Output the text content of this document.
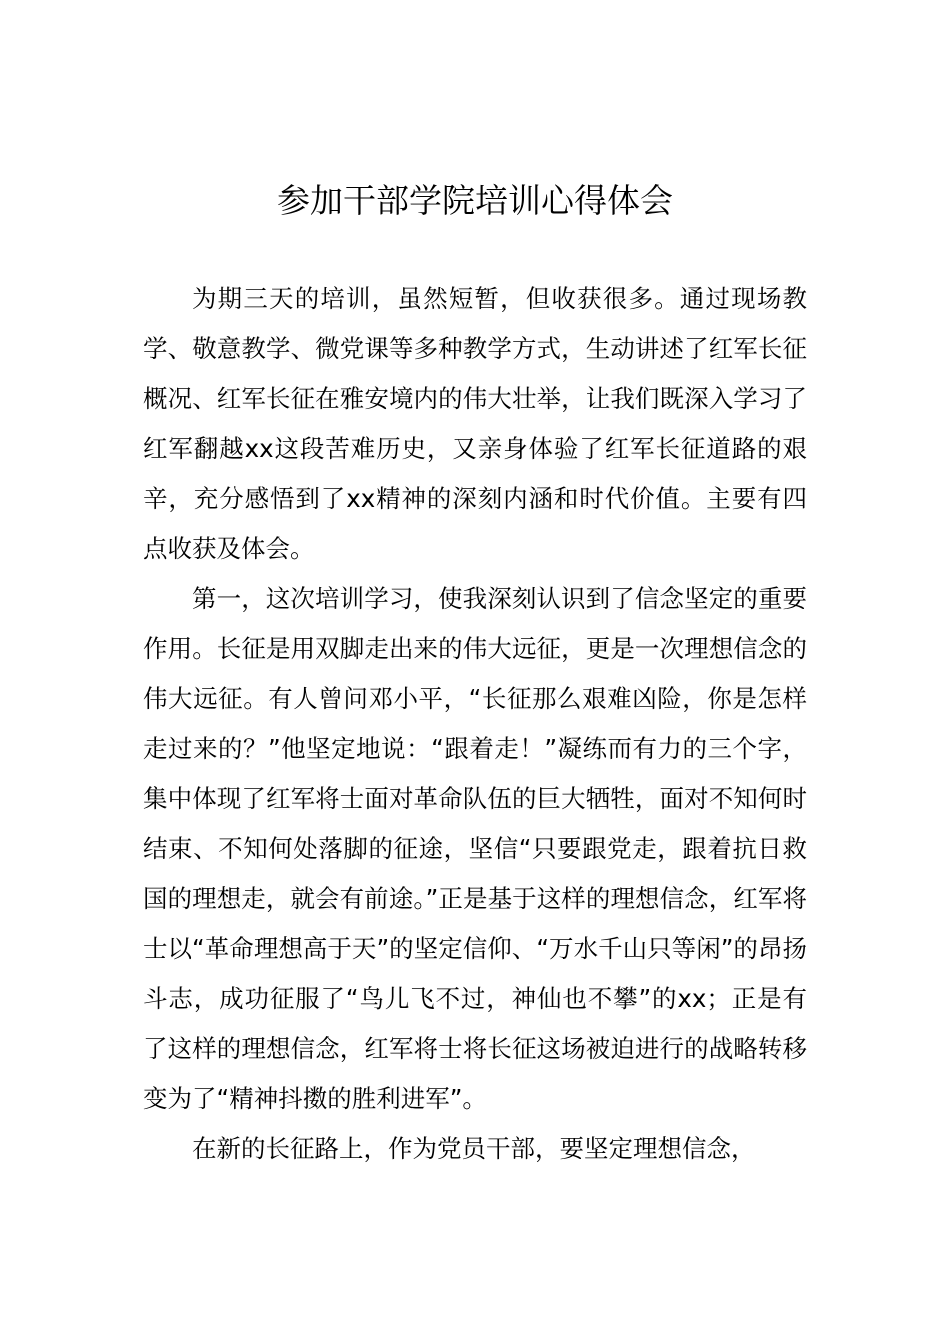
参加干部学院培训心得体会

为期三天的培训，虽然短暂，但收获很多。通过现场教学、敬意教学、微党课等多种教学方式，生动讲述了红军长征概况、红军长征在雅安境内的伟大壮举，让我们既深入学习了红军翻越xx这段苦难历史，又亲身体验了红军长征道路的艰辛，充分感悟到了xx精神的深刻内涵和时代价值。主要有四点收获及体会。

第一，这次培训学习，使我深刻认识到了信念坚定的重要作用。长征是用双脚走出来的伟大远征，更是一次理想信念的伟大远征。有人曾问邓小平，“长征那么艰难凶险，你是怎样走过来的？”他坚定地说：“跟着走！”凝练而有力的三个字，集中体现了红军将士面对革命队伍的巨大牺牲，面对不知何时结束、不知何处落脚的征途，坚信“只要跟党走，跟着抗日救国的理想走，就会有前途。”正是基于这样的理想信念，红军将士以“革命理想高于天”的坚定信仰、“万水千山只等闲”的昂扬斗志，成功征服了“鸟儿飞不过，神仙也不攀”的xx；正是有了这样的理想信念，红军将士将长征这场被迫进行的战略转移变为了“精神抖擞的胜利进军”。

在新的长征路上，作为党员干部，要坚定理想信念，
